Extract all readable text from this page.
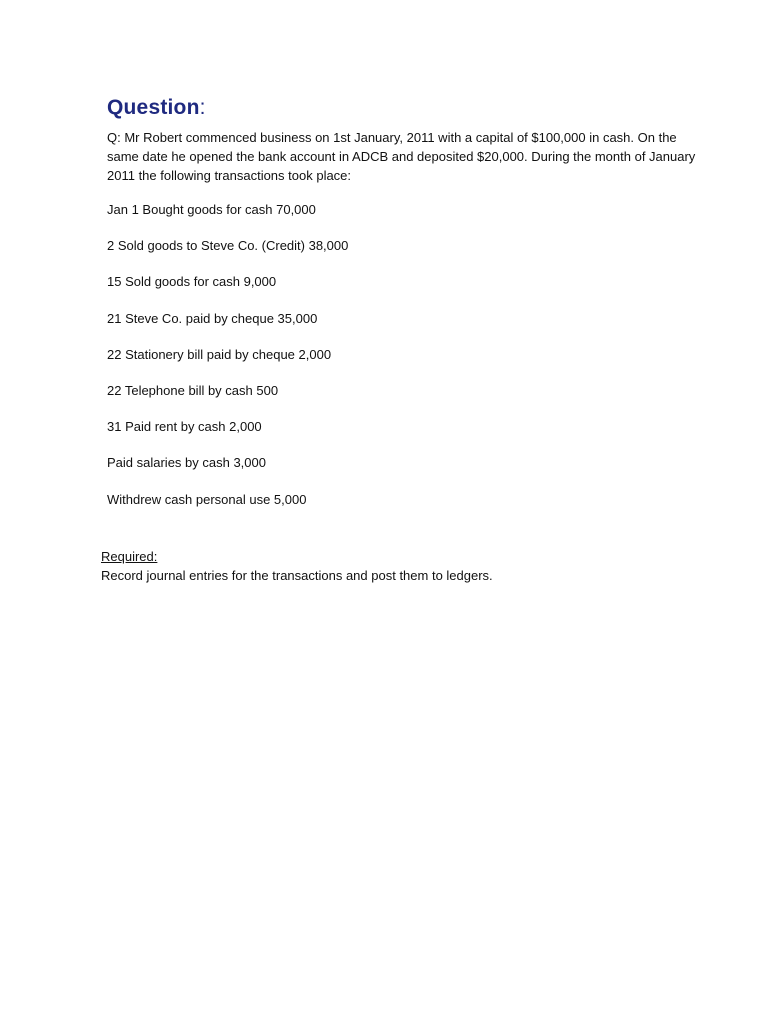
Question:

Q: Mr Robert commenced business on 1st January, 2011 with a capital of $100,000 in cash. On the same date he opened the bank account in ADCB and deposited $20,000. During the month of January 2011 the following transactions took place:

Jan 1 Bought goods for cash 70,000
2 Sold goods to Steve Co. (Credit) 38,000
15 Sold goods for cash 9,000
21 Steve Co. paid by cheque 35,000
22 Stationery bill paid by cheque 2,000
22 Telephone bill by cash 500
31 Paid rent by cash 2,000
Paid salaries by cash 3,000
Withdrew cash personal use 5,000

Required:

Record journal entries for the transactions and post them to ledgers.
